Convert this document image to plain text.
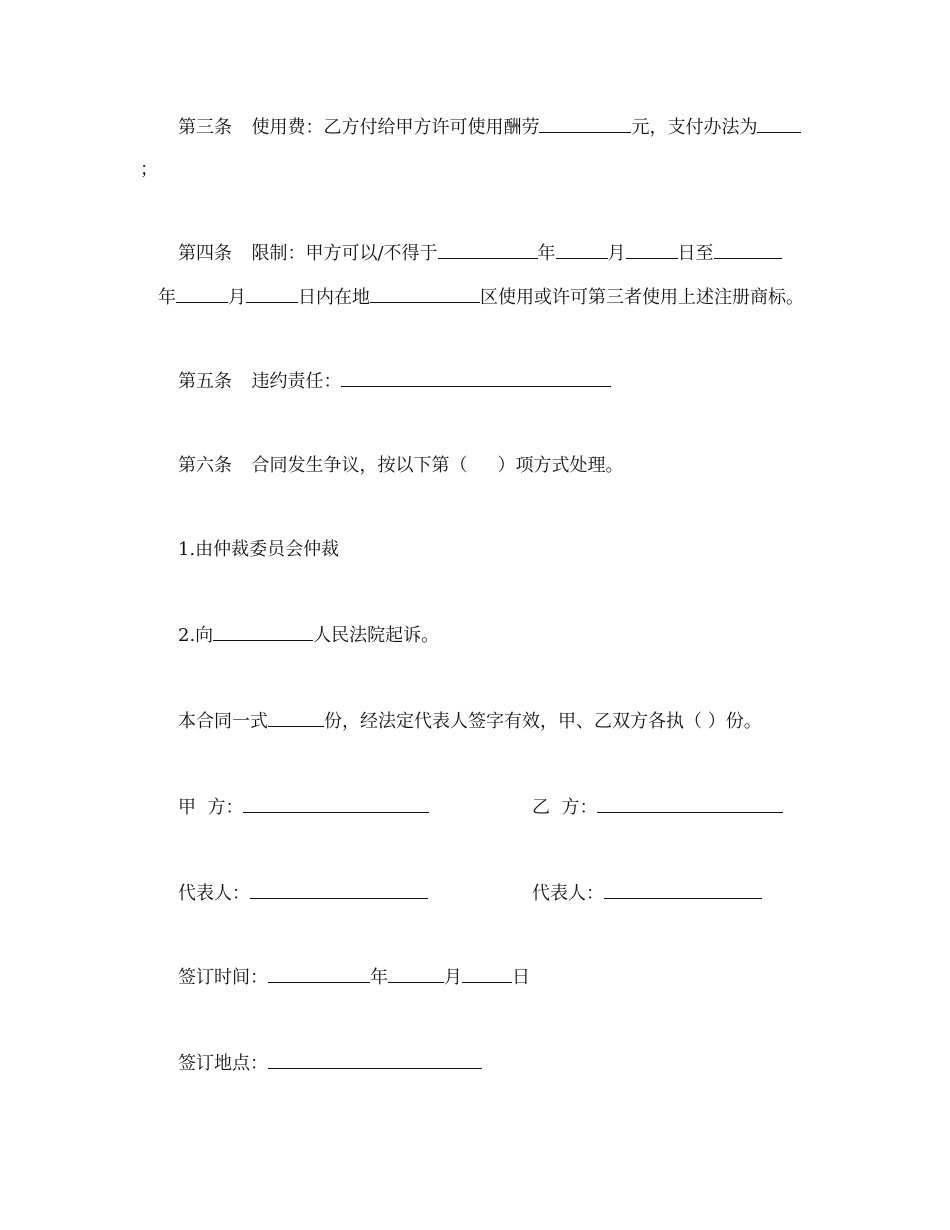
第三条 使用费：乙方付给甲方许可使用酬劳	元，支付办法为
；
第四条 限制：甲方可以/不得于	年	月	日至
年	月	日内在地	区使用或许可第三者使用上述注册商标。
第五条 违约责任：
第六条 合同发生争议，按以下第（ ）项方式处理。
1.由仲裁委员会仲裁
2.向	人民法院起诉。
本合同一式	份，经法定代表人签字有效，甲、乙双方各执（ ）份。
甲  方：	乙  方：
代表人：	代表人：
签订时间：	年	月	日
签订地点：
